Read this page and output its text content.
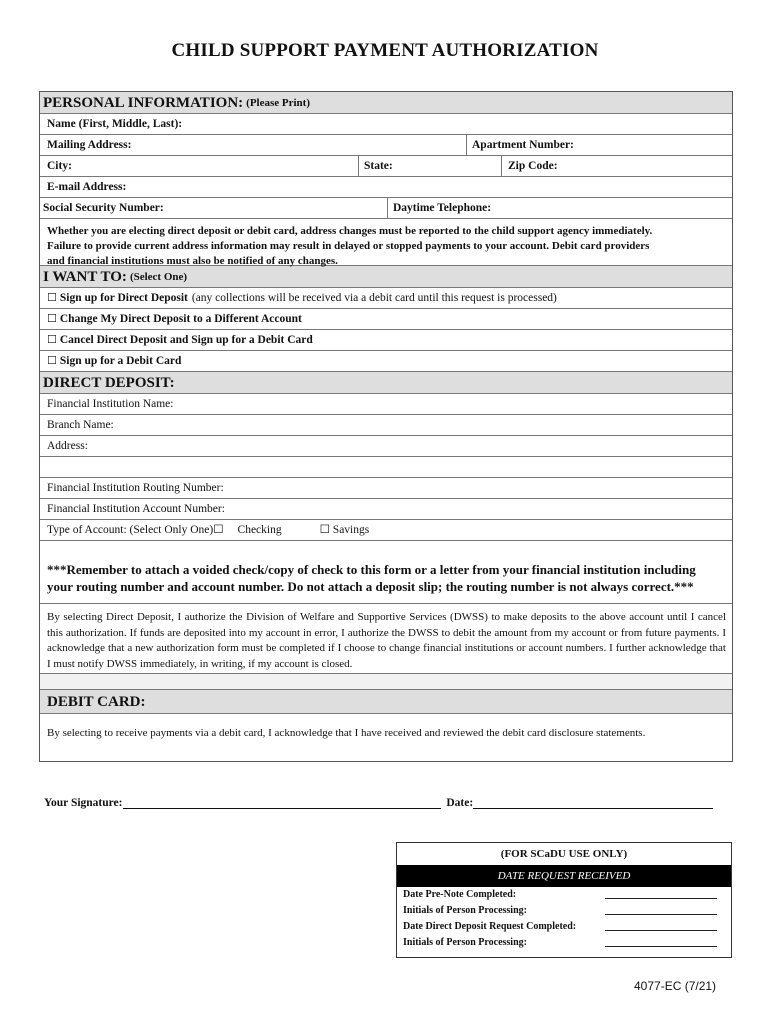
CHILD SUPPORT PAYMENT AUTHORIZATION
PERSONAL INFORMATION: (Please Print)
Name (First, Middle, Last):
Mailing Address:	Apartment Number:
City:	State:	Zip Code:
E-mail Address:
Social Security Number:	Daytime Telephone:
Whether you are electing direct deposit or debit card, address changes must be reported to the child support agency immediately.
Failure to provide current address information may result in delayed or stopped payments to your account. Debit card providers
and financial institutions must also be notified of any changes.
I WANT TO: (Select One)
☐ Sign up for Direct Deposit (any collections will be received via a debit card until this request is processed)
☐ Change My Direct Deposit to a Different Account
☐ Cancel Direct Deposit and Sign up for a Debit Card
☐ Sign up for a Debit Card
DIRECT DEPOSIT:
Financial Institution Name:
Branch Name:
Address:
Financial Institution Routing Number:
Financial Institution Account Number:
Type of Account: (Select Only One)☐ Checking	☐ Savings
***Remember to attach a voided check/copy of check to this form or a letter from your financial institution including
your routing number and account number. Do not attach a deposit slip; the routing number is not always correct.***
By selecting Direct Deposit, I authorize the Division of Welfare and Supportive Services (DWSS) to make deposits to the above account until I cancel this authorization. If funds are deposited into my account in error, I authorize the DWSS to debit the amount from my account or from future payments. I acknowledge that a new authorization form must be completed if I choose to change financial institutions or account numbers. I further acknowledge that I must notify DWSS immediately, in writing, if my account is closed.
DEBIT CARD:
By selecting to receive payments via a debit card, I acknowledge that I have received and reviewed the debit card disclosure statements.
Your Signature:	Date:
(FOR SCaDU USE ONLY)
DATE REQUEST RECEIVED
Date Pre-Note Completed:
Initials of Person Processing:
Date Direct Deposit Request Completed:
Initials of Person Processing:
4077-EC (7/21)
